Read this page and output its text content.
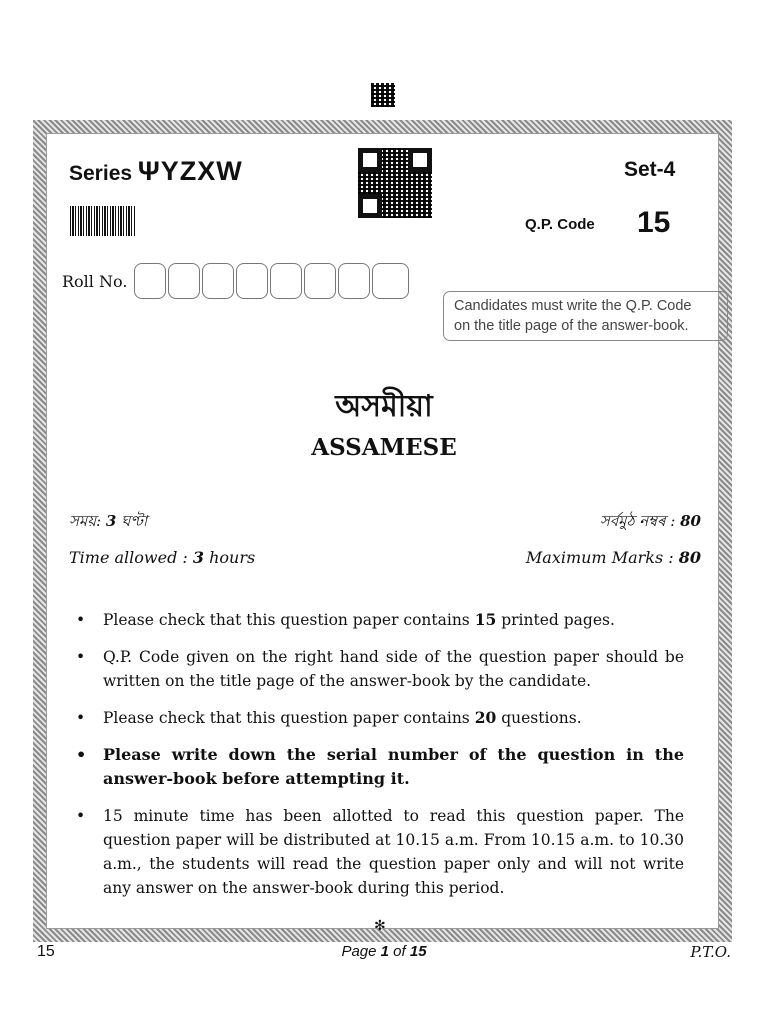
Series ΨYZXW	Set-4
Q.P. Code 15
Roll No.
Candidates must write the Q.P. Code
on the title page of the answer-book.
অসমীয়া
ASSAMESE
সময়: 3 ঘণ্টা	সৰ্বমুঠ নম্বৰ : 80
Time allowed : 3 hours	Maximum Marks : 80
• Please check that this question paper contains 15 printed pages.
• Q.P. Code given on the right hand side of the question paper should be written on the title page of the answer-book by the candidate.
• Please check that this question paper contains 20 questions.
• Please write down the serial number of the question in the answer-book before attempting it.
• 15 minute time has been allotted to read this question paper. The question paper will be distributed at 10.15 a.m. From 10.15 a.m. to 10.30 a.m., the students will read the question paper only and will not write any answer on the answer-book during this period.
✻
15	Page 1 of 15	P.T.O.
